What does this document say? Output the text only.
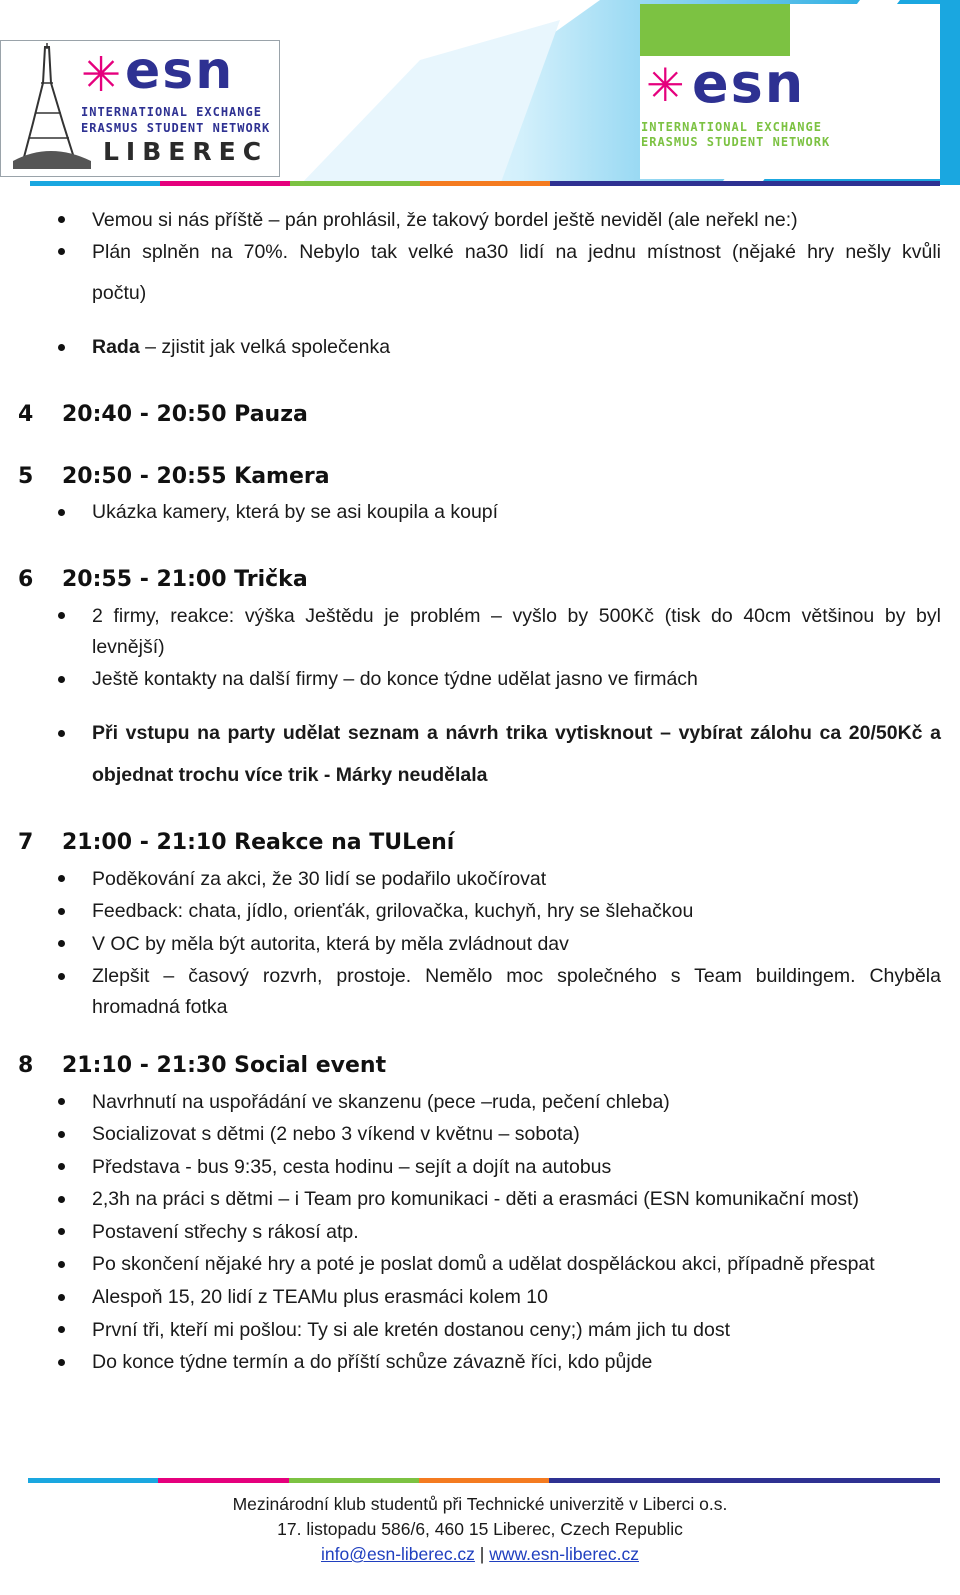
✳ esn
INTERNATIONAL EXCHANGE
ERASMUS STUDENT NETWORK
LIBEREC
✳ esn
INTERNATIONAL EXCHANGE
ERASMUS STUDENT NETWORK
Vemou si nás příště – pán prohlásil, že takový bordel ještě neviděl (ale neřekl ne:)
Plán splněn na 70%. Nebylo tak velké na30 lidí na jednu místnost (nějaké hry nešly kvůli
počtu)
Rada – zjistit jak velká společenka
4 20:40 - 20:50 Pauza
5 20:50 - 20:55 Kamera
Ukázka kamery, která by se asi koupila a koupí
6 20:55 - 21:00 Trička
2 firmy, reakce: výška Ještědu je problém – vyšlo by 500Kč (tisk do 40cm většinou by byl
levnější)
Ještě kontakty na další firmy – do konce týdne udělat jasno ve firmách
Při vstupu na party udělat seznam a návrh trika vytisknout – vybírat zálohu ca 20/50Kč a
objednat trochu více trik - Márky neudělala
7 21:00 - 21:10 Reakce na TULení
Poděkování za akci, že 30 lidí se podařilo ukočírovat
Feedback: chata, jídlo, orienťák, grilovačka, kuchyň, hry se šlehačkou
V OC by měla být autorita, která by měla zvládnout dav
Zlepšit – časový rozvrh, prostoje. Nemělo moc společného s Team buildingem. Chyběla
hromadná fotka
8 21:10 - 21:30 Social event
Navrhnutí na uspořádání ve skanzenu (pece –ruda, pečení chleba)
Socializovat s dětmi (2 nebo 3 víkend v květnu – sobota)
Představa - bus 9:35, cesta hodinu – sejít a dojít na autobus
2,3h na práci s dětmi – i Team pro komunikaci - děti a erasmáci (ESN komunikační most)
Postavení střechy s rákosí atp.
Po skončení nějaké hry a poté je poslat domů a udělat dospěláckou akci, případně přespat
Alespoň 15, 20 lidí z TEAMu plus erasmáci kolem 10
První tři, kteří mi pošlou: Ty si ale kretén dostanou ceny;) mám jich tu dost
Do konce týdne termín a do příští schůze závazně říci, kdo půjde
Mezinárodní klub studentů při Technické univerzitě v Liberci o.s.
17. listopadu 586/6, 460 15 Liberec, Czech Republic
info@esn-liberec.cz | www.esn-liberec.cz
